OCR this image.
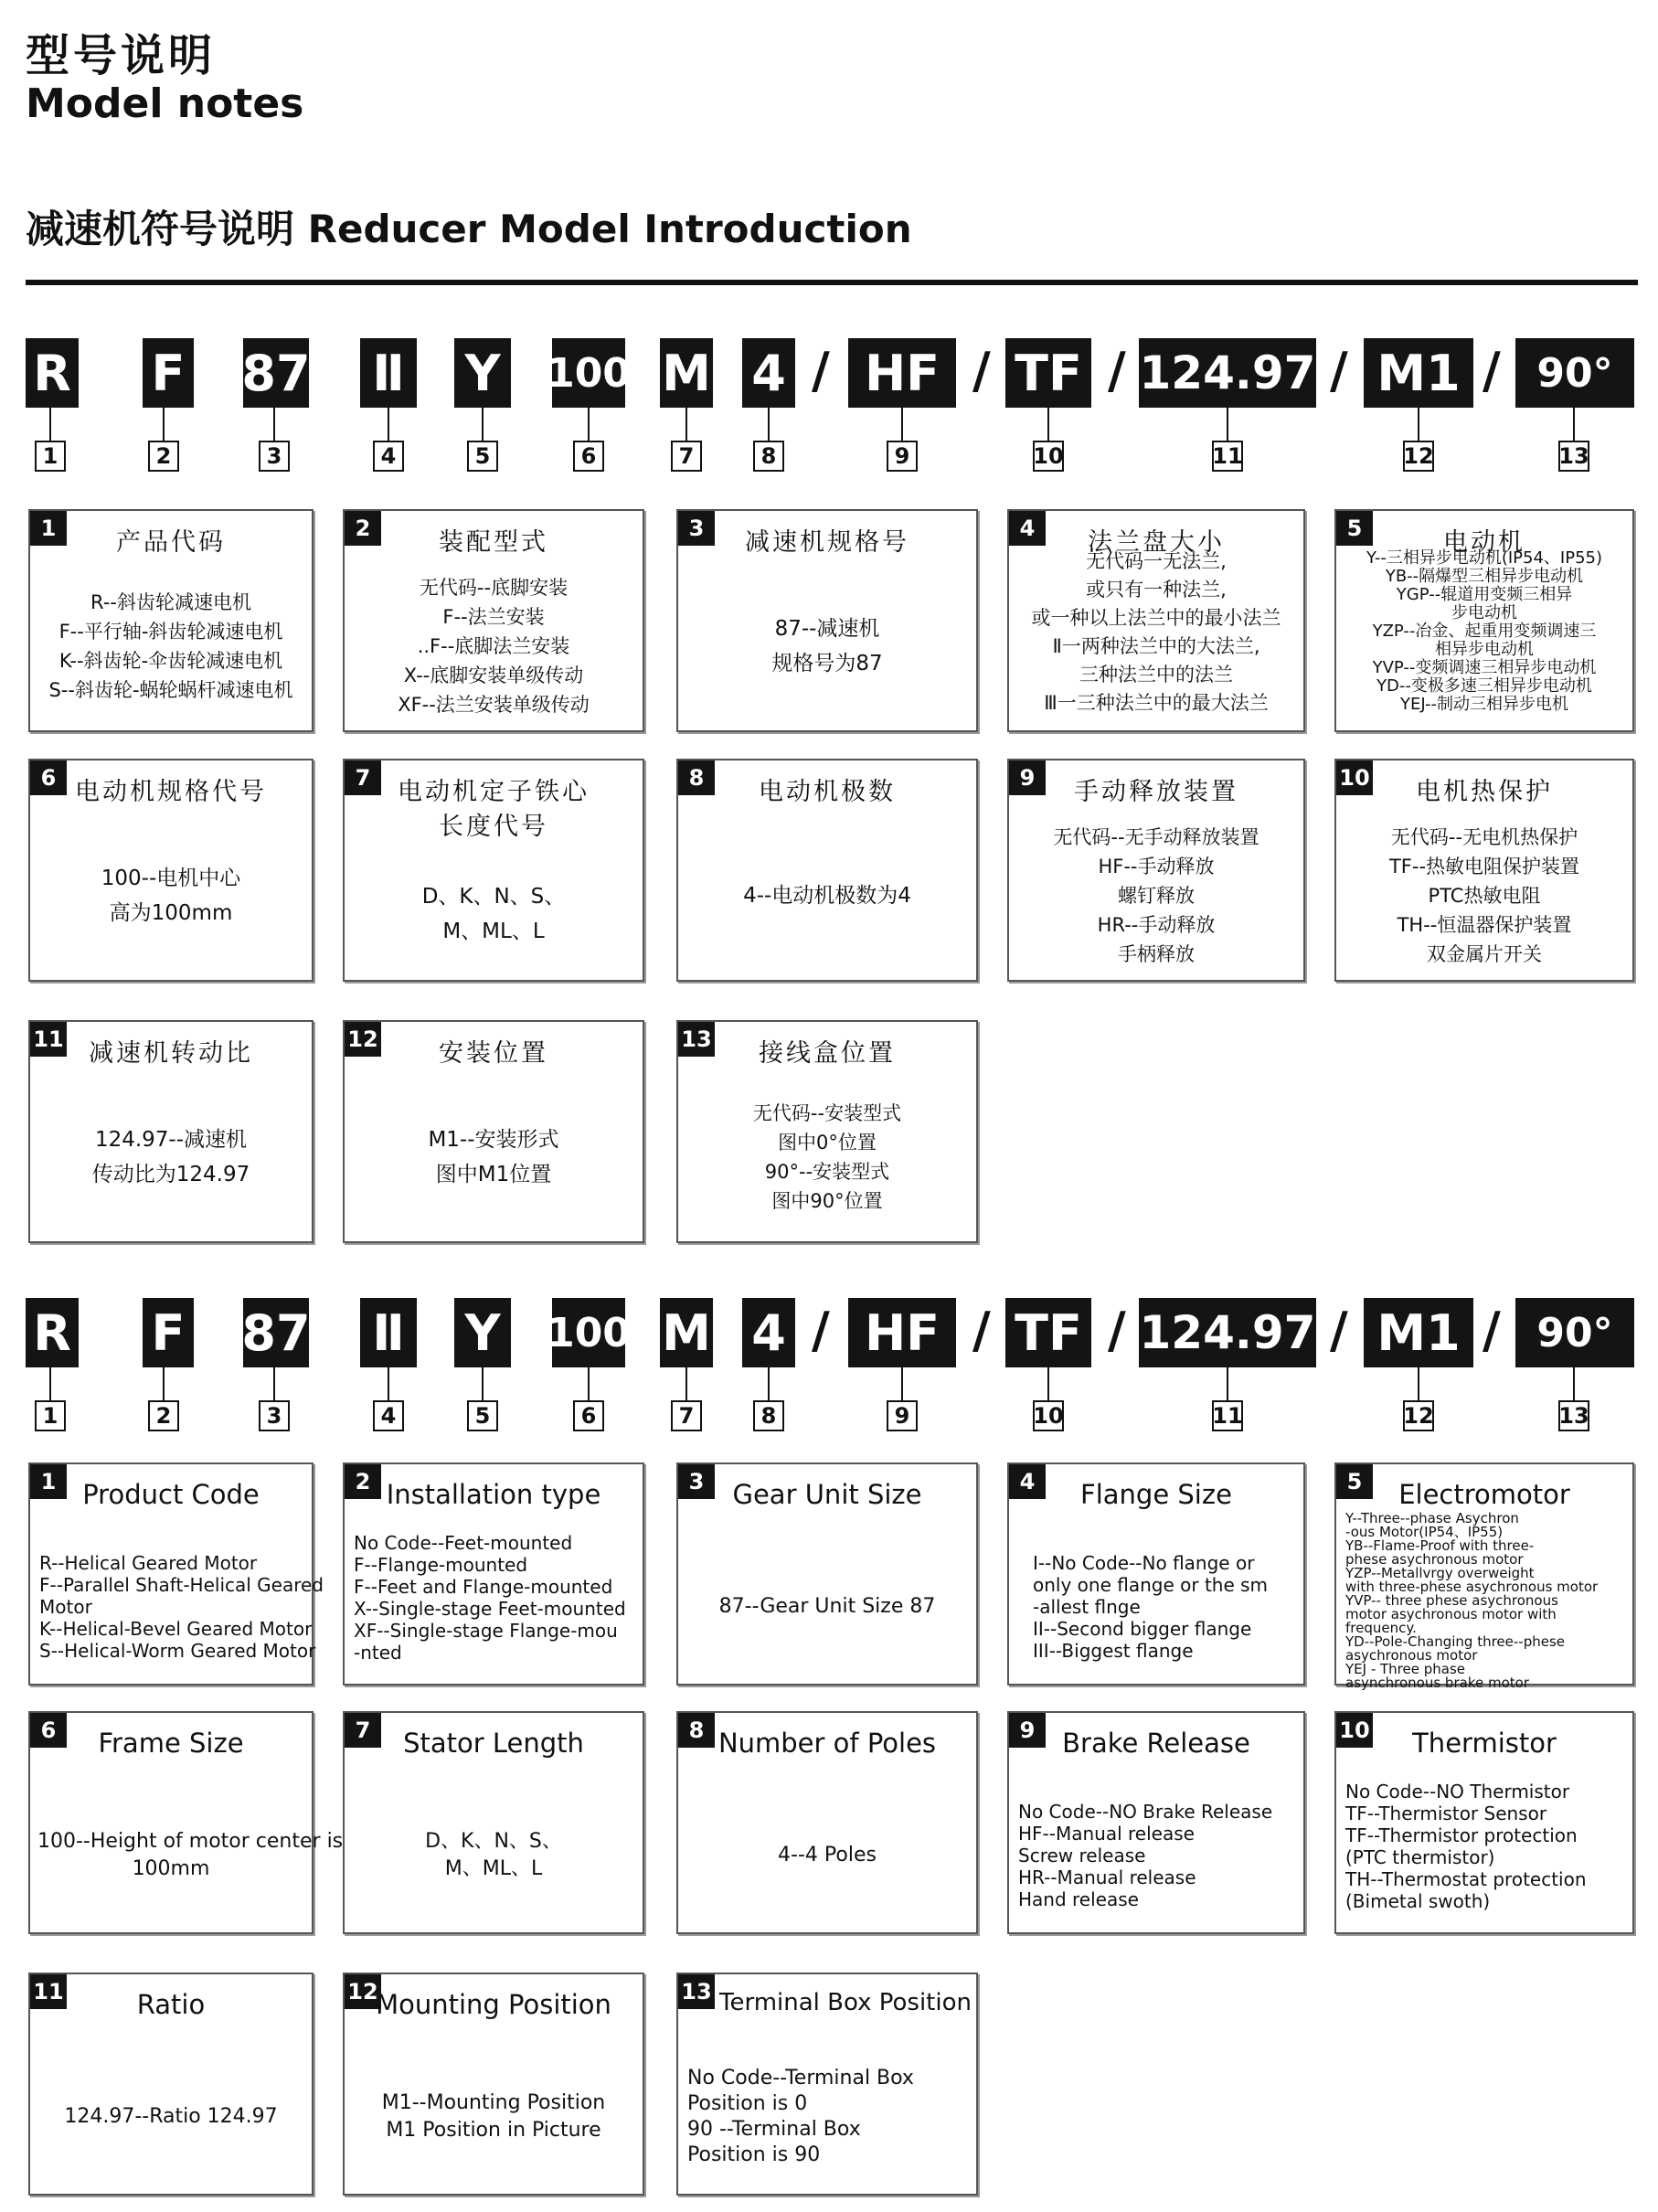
型号说明
Model notes
减速机符号说明 Reducer Model Introduction
R
1
F
2
87
3
Ⅱ
4
Y
5
100
6
M
7
4
8
HF
9
TF
10
124.97
11
M1
12
90°
13
/	/ /	/	/
1	产品代码
R--斜齿轮减速电机
F--平行轴-斜齿轮减速电机
K--斜齿轮-伞齿轮减速电机
S--斜齿轮-蜗轮蜗杆减速电机
2	装配型式
无代码--底脚安装
F--法兰安装
..F--底脚法兰安装
X--底脚安装单级传动
XF--法兰安装单级传动
3	减速机规格号
87--减速机
规格号为87
4	法兰盘大小
无代码一无法兰,
或只有一种法兰,
或一种以上法兰中的最小法兰
Ⅱ一两种法兰中的大法兰,
三种法兰中的法兰
Ⅲ一三种法兰中的最大法兰
5	电动机
Y--三相异步电动机(IP54、IP55)
YB--隔爆型三相异步电动机
YGP--辊道用变频三相异
步电动机
YZP--冶金、起重用变频调速三
相异步电动机
YVP--变频调速三相异步电动机
YD--变极多速三相异步电动机
YEJ--制动三相异步电机
6 电动机规格代号
100--电机中心
高为100mm
7	电动机定子铁心
长度代号
D、K、N、S、
M、ML、L
8	电动机极数
4--电动机极数为4
9	手动释放装置
无代码--无手动释放装置
HF--手动释放
螺钉释放
HR--手动释放
手柄释放
10	电机热保护
无代码--无电机热保护
TF--热敏电阻保护装置
PTC热敏电阻
TH--恒温器保护装置
双金属片开关
11	减速机转动比
124.97--减速机
传动比为124.97
12	安装位置
M1--安装形式
图中M1位置
13	接线盒位置
无代码--安装型式
图中0°位置
90°--安装型式
图中90°位置
R
1
F
2
87
3
Ⅱ
4
Y
5
100
6
M
7
4
8
HF
9
TF
10
124.97
11
M1
12
90°
13
/	/ /	/	/
1 Product Code
R--Helical Geared Motor
F--Parallel Shaft-Helical Geared
Motor
K--Helical-Bevel Geared Motor
S--Helical-Worm Geared Motor
2 Installation type
No Code--Feet-mounted
F--Flange-mounted
F--Feet and Flange-mounted
X--Single-stage Feet-mounted
XF--Single-stage Flange-mou
-nted
3	Gear Unit Size
87--Gear Unit Size 87
4	Flange Size
I--No Code--No flange or
only one flange or the sm
-allest flnge
II--Second bigger flange
III--Biggest flange
5	Electromotor
Y--Three--phase Asychron
-ous Motor(IP54、IP55)
YB--Flame-Proof with three-
phese asychronous motor
YZP--Metallvrgy overweight
with three-phese asychronous motor
YVP-- three phese asychronous
motor asychronous motor with
frequency.
YD--Pole-Changing three--phese
asychronous motor
YEJ - Three phase
asynchronous brake motor
6	Frame Size
100--Height of motor center is
100mm
7	Stator Length
D、K、N、S、
M、ML、L
8 Number of Poles
4--4 Poles
9	Brake Release
No Code--NO Brake Release
HF--Manual release
Screw release
HR--Manual release
Hand release
10	Thermistor
No Code--NO Thermistor
TF--Thermistor Sensor
TF--Thermistor protection
(PTC thermistor)
TH--Thermostat protection
(Bimetal swoth)
11	Ratio
124.97--Ratio 124.97
12
Mounting Position
M1--Mounting Position
M1 Position in Picture
13 Terminal Box Position
No Code--Terminal Box
Position is 0
90 --Terminal Box
Position is 90
